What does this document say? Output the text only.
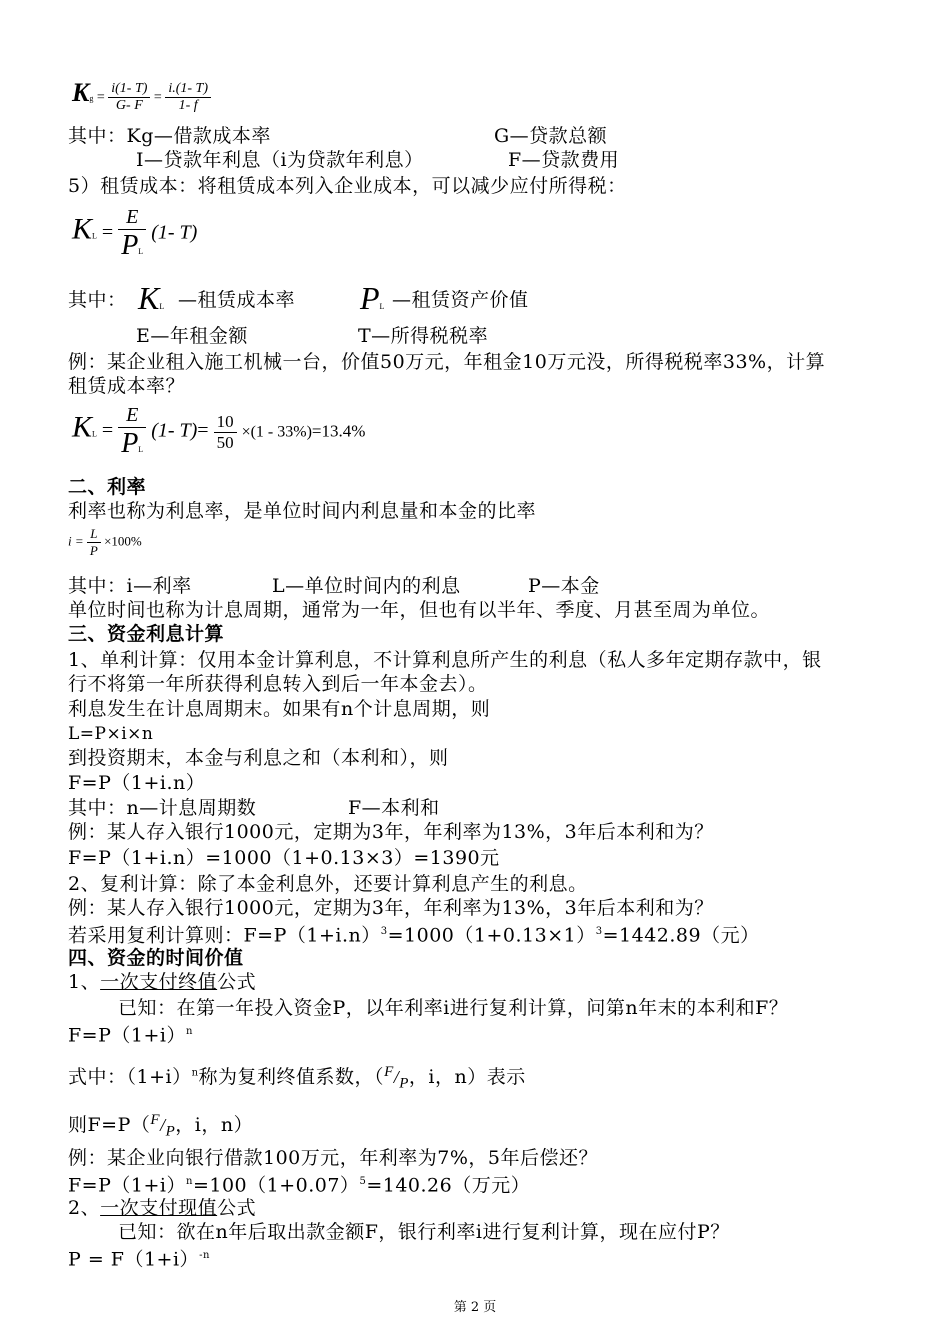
$Kg = \frac{i(1- T)}{G- F} = \frac{i.(1- T)}{1- f}$
其中：Kg—借款成本率	G—贷款总额
I—贷款年利息（i为贷款年利息）	F—贷款费用
5）租赁成本：将租赁成本列入企业成本，可以减少应付所得税：
KL = $\frac{E}{PL} (1-$ T)
其中： KL —租赁成本率 PL —租赁资产价值
E—年租金额	T—所得税税率
例：某企业租入施工机械一台，价值50万元，年租金10万元没，所得税税率33%，计算
租赁成本率？
KL = $\frac{E}{PL} (1-$ $T)= \frac{10}{50} \times(1 - 33\%)=13.4\%$
二、利率
利率也称为利息率，是单位时间内利息量和本金的比率
$i = \frac{L}{P} \times 100\%$
其中：i—利率	L—单位时间内的利息	P—本金
单位时间也称为计息周期，通常为一年，但也有以半年、季度、月甚至周为单位。
三、资金利息计算
1、单利计算：仅用本金计算利息，不计算利息所产生的利息（私人多年定期存款中，银
行不将第一年所获得利息转入到后一年本金去）。
利息发生在计息周期末。如果有n个计息周期，则
L=P×i×n
到投资期末，本金与利息之和（本利和），则
F=P（1+i.n）
其中：n—计息周期数	F—本利和
例：某人存入银行1000元，定期为3年，年利率为13%，3年后本利和为？
F=P（1+i.n）=1000（1+0.13×3）=1390元
2、复利计算：除了本金利息外，还要计算利息产生的利息。
例：某人存入银行1000元，定期为3年，年利率为13%，3年后本利和为？
若采用复利计算则：$F=P(1+i.n)^3=1000(1+0.13\times 1)^3=1442.89$（元）
四、资金的时间价值
1、一次支付终值公式
已知：在第一年投入资金P，以年利率i进行复利计算，问第n年末的本利和F？
$F=P(1+i)^n$
式中：$(1+i)^n$称为复利终值系数，（$^F/_P$，i，n）表示
则$F=P(^F/_P$，i，n）
例：某企业向银行借款100万元，年利率为7%，5年后偿还？
$F=P(1+i)^n=100(1+0.07)^5=140.26$（万元）
2、一次支付现值公式
已知：欲在n年后取出款金额F，银行利率i进行复利计算，现在应付P？
$P = F(1+i)^{-n}$
第 2 页
